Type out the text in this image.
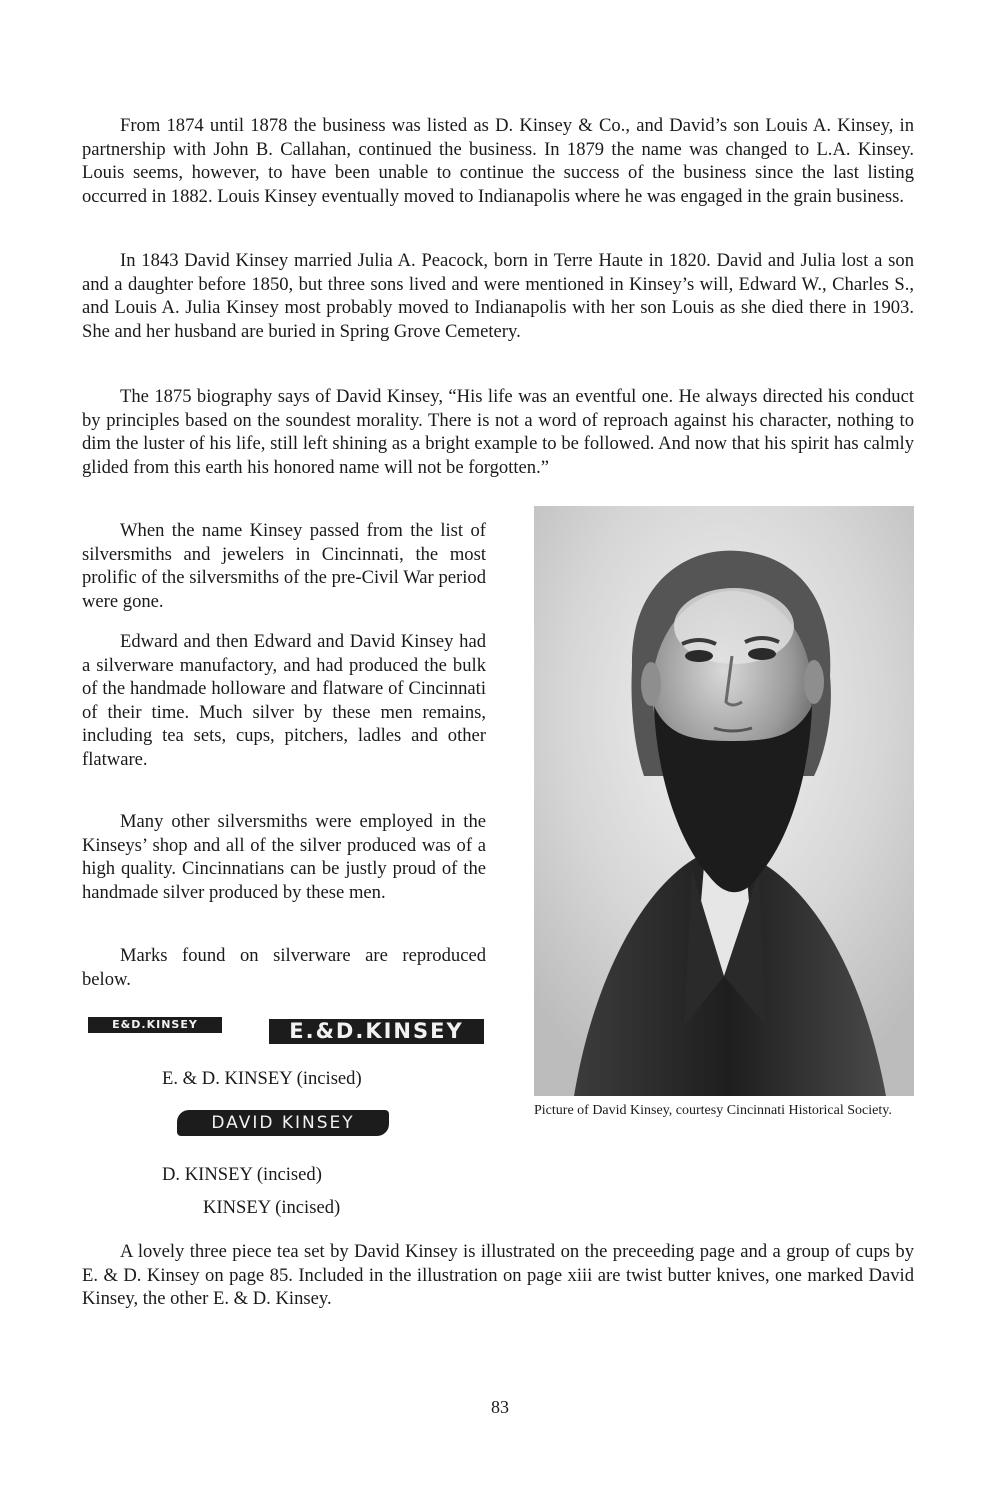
From 1874 until 1878 the business was listed as D. Kinsey & Co., and David’s son Louis A. Kinsey, in partnership with John B. Callahan, continued the business. In 1879 the name was changed to L.A. Kinsey. Louis seems, however, to have been unable to continue the success of the business since the last listing occurred in 1882. Louis Kinsey eventually moved to Indianapolis where he was engaged in the grain business.

In 1843 David Kinsey married Julia A. Peacock, born in Terre Haute in 1820. David and Julia lost a son and a daughter before 1850, but three sons lived and were mentioned in Kinsey’s will, Edward W., Charles S., and Louis A. Julia Kinsey most probably moved to Indianapolis with her son Louis as she died there in 1903. She and her husband are buried in Spring Grove Cemetery.

The 1875 biography says of David Kinsey, “His life was an eventful one. He always directed his conduct by principles based on the soundest morality. There is not a word of reproach against his character, nothing to dim the luster of his life, still left shining as a bright example to be followed. And now that his spirit has calmly glided from this earth his honored name will not be forgotten.”

When the name Kinsey passed from the list of silversmiths and jewelers in Cincinnati, the most prolific of the silversmiths of the pre-Civil War period were gone.

Edward and then Edward and David Kinsey had a silverware manufactory, and had produced the bulk of the handmade holloware and flatware of Cincinnati of their time. Much silver by these men remains, including tea sets, cups, pitchers, ladles and other flatware.

Many other silversmiths were employed in the Kinseys’ shop and all of the silver produced was of a high quality. Cincinnatians can be justly proud of the handmade silver produced by these men.

Marks found on silverware are reproduced below.

E&D.KINSEY	E.&D.KINSEY
E. & D. KINSEY (incised)
DAVID KINSEY
D. KINSEY (incised)
KINSEY (incised)

Picture of David Kinsey, courtesy Cincinnati Historical Society.

A lovely three piece tea set by David Kinsey is illustrated on the preceeding page and a group of cups by E. & D. Kinsey on page 85. Included in the illustration on page xiii are twist butter knives, one marked David Kinsey, the other E. & D. Kinsey.

83
